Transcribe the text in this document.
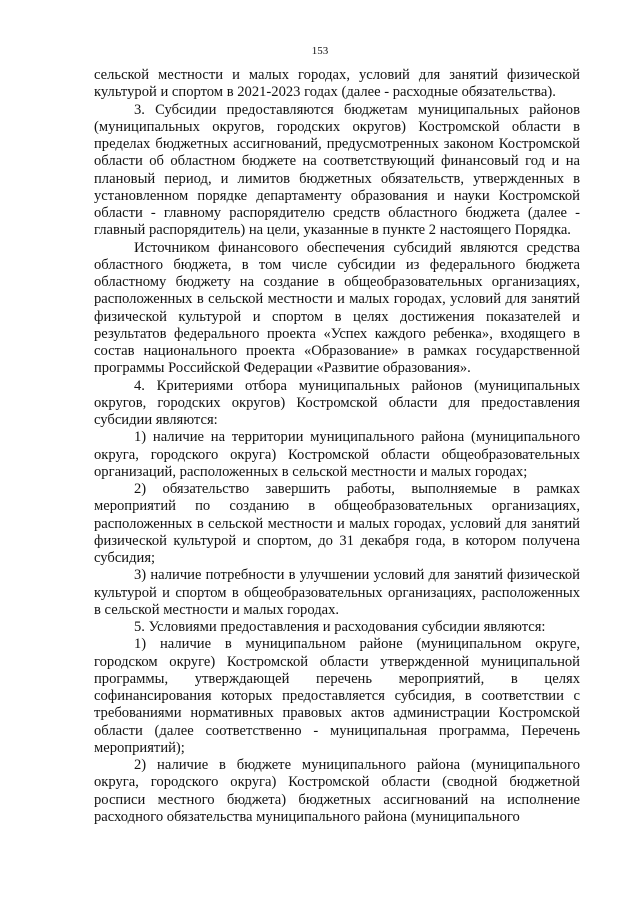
153

сельской местности и малых городах, условий для занятий физической культурой и спортом в 2021-2023 годах (далее - расходные обязательства).

3. Субсидии предоставляются бюджетам муниципальных районов (муниципальных округов, городских округов) Костромской области в пределах бюджетных ассигнований, предусмотренных законом Костромской области об областном бюджете на соответствующий финансовый год и на плановый период, и лимитов бюджетных обязательств, утвержденных в установленном порядке департаменту образования и науки Костромской области - главному распорядителю средств областного бюджета (далее - главный распорядитель) на цели, указанные в пункте 2 настоящего Порядка.

Источником финансового обеспечения субсидий являются средства областного бюджета, в том числе субсидии из федерального бюджета областному бюджету на создание в общеобразовательных организациях, расположенных в сельской местности и малых городах, условий для занятий физической культурой и спортом в целях достижения показателей и результатов федерального проекта «Успех каждого ребенка», входящего в состав национального проекта «Образование» в рамках государственной программы Российской Федерации «Развитие образования».

4. Критериями отбора муниципальных районов (муниципальных округов, городских округов) Костромской области для предоставления субсидии являются:

1) наличие на территории муниципального района (муниципального округа, городского округа) Костромской области общеобразовательных организаций, расположенных в сельской местности и малых городах;

2) обязательство завершить работы, выполняемые в рамках мероприятий по созданию в общеобразовательных организациях, расположенных в сельской местности и малых городах, условий для занятий физической культурой и спортом, до 31 декабря года, в котором получена субсидия;

3) наличие потребности в улучшении условий для занятий физической культурой и спортом в общеобразовательных организациях, расположенных в сельской местности и малых городах.

5. Условиями предоставления и расходования субсидии являются:

1) наличие в муниципальном районе (муниципальном округе, городском округе) Костромской области утвержденной муниципальной программы, утверждающей перечень мероприятий, в целях софинансирования которых предоставляется субсидия, в соответствии с требованиями нормативных правовых актов администрации Костромской области (далее соответственно - муниципальная программа, Перечень мероприятий);

2) наличие в бюджете муниципального района (муниципального округа, городского округа) Костромской области (сводной бюджетной росписи местного бюджета) бюджетных ассигнований на исполнение расходного обязательства муниципального района (муниципального
